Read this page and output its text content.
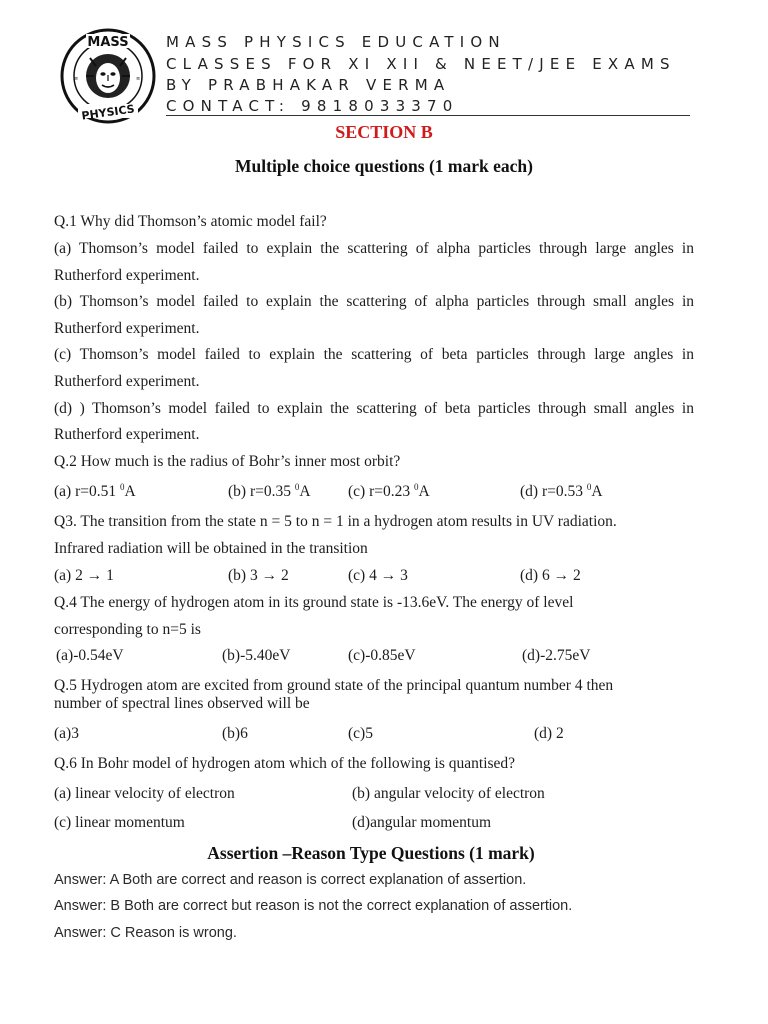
≡	≡
MASS
PHYSICS
MASS PHYSICS EDUCATION
CLASSES FOR XI XII & NEET/JEE EXAMS
BY PRABHAKAR VERMA
CONTACT: 9818033370
SECTION B
Multiple choice questions (1 mark each)
Q.1 Why did Thomson’s atomic model fail?
(a) Thomson’s model failed to explain the scattering of alpha particles through large angles in
Rutherford experiment.
(b) Thomson’s model failed to explain the scattering of alpha particles through small angles in
Rutherford experiment.
(c) Thomson’s model failed to explain the scattering of beta particles through large angles in
Rutherford experiment.
(d) ) Thomson’s model failed to explain the scattering of beta particles through small angles in
Rutherford experiment.
Q.2 How much is the radius of Bohr’s inner most orbit?
(a) r=0.51 $^0$A	(b) r=0.35 $^0$A (c) r=0.23 $^0$A	(d) r=0.53 $^0$A
Q3. The transition from the state n = 5 to n = 1 in a hydrogen atom results in UV radiation.
Infrared radiation will be obtained in the transition
(a) 2 → 1	(b) 3 → 2	(c) 4 → 3	(d) 6 → 2
Q.4 The energy of hydrogen atom in its ground state is -13.6eV. The energy of level
corresponding to n=5 is
(a)-0.54eV	(b)-5.40eV	(c)-0.85eV	(d)-2.75eV
Q.5 Hydrogen atom are excited from ground state of the principal quantum number 4 then
number of spectral lines observed will be
(a)3	(b)6	(c)5	(d) 2
Q.6 In Bohr model of hydrogen atom which of the following is quantised?
(a) linear velocity of electron	(b) angular velocity of electron
(c) linear momentum	(d)angular momentum
Assertion –Reason Type Questions (1 mark)
Answer: A Both are correct and reason is correct explanation of assertion.
Answer: B Both are correct but reason is not the correct explanation of assertion.
Answer: C Reason is wrong.
